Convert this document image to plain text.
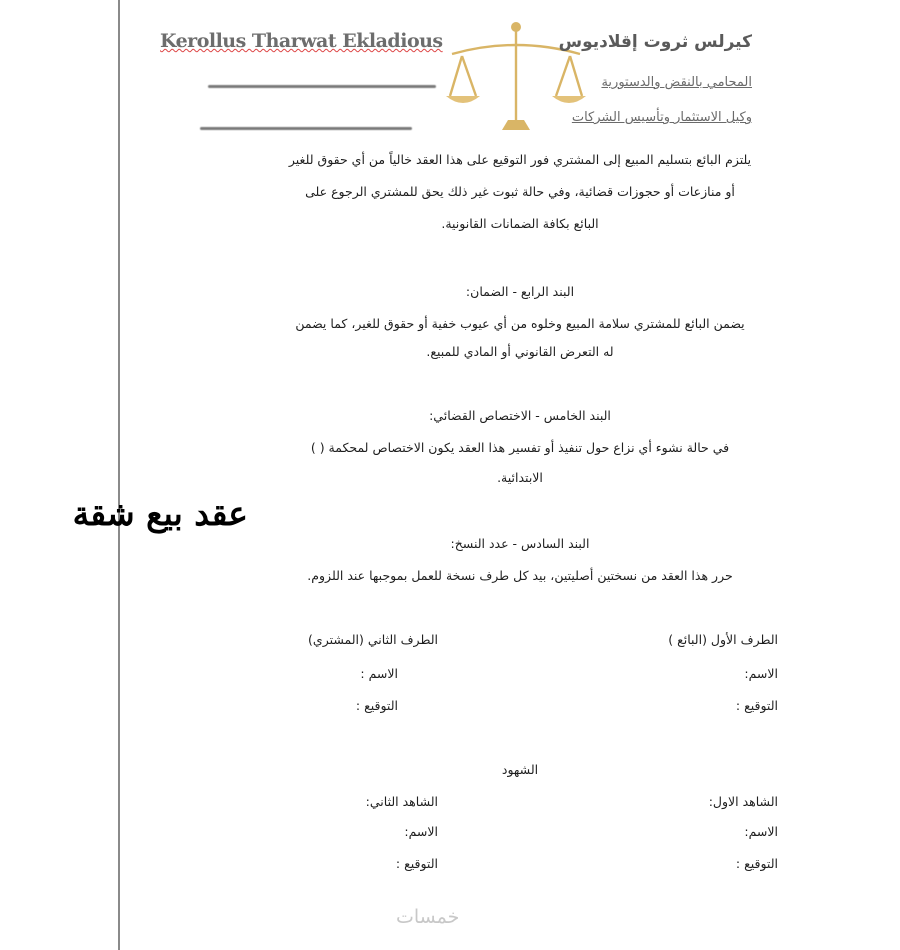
Kerollus Tharwat Ekladious	كيرلس ثروت إقلاديوس
المحامي بالنقض والدستورية
وكيل الاستثمار وتأسيس الشركات
يلتزم البائع بتسليم المبيع إلى المشتري فور التوقيع على هذا العقد خالياً من أي حقوق للغير
أو منازعات أو حجوزات قضائية، وفي حالة ثبوت غير ذلك يحق للمشتري الرجوع على
البائع بكافة الضمانات القانونية.
البند الرابع - الضمان:
يضمن البائع للمشتري سلامة المبيع وخلوه من أي عيوب خفية أو حقوق للغير، كما يضمن
له التعرض القانوني أو المادي للمبيع.
البند الخامس - الاختصاص القضائي:
في حالة نشوء أي نزاع حول تنفيذ أو تفسير هذا العقد يكون الاختصاص لمحكمة ( )
الابتدائية.
عقد بيع شقة
البند السادس - عدد النسخ:
حرر هذا العقد من نسختين أصليتين، بيد كل طرف نسخة للعمل بموجبها عند اللزوم.
الطرف الأول (البائع )
الطرف الثاني (المشتري)
الاسم:
الاسم :
التوقيع :
التوقيع :
الشهود
الشاهد الاول:
الشاهد الثاني:
الاسم:
الاسم:
التوقيع :
التوقيع :
خمسات
